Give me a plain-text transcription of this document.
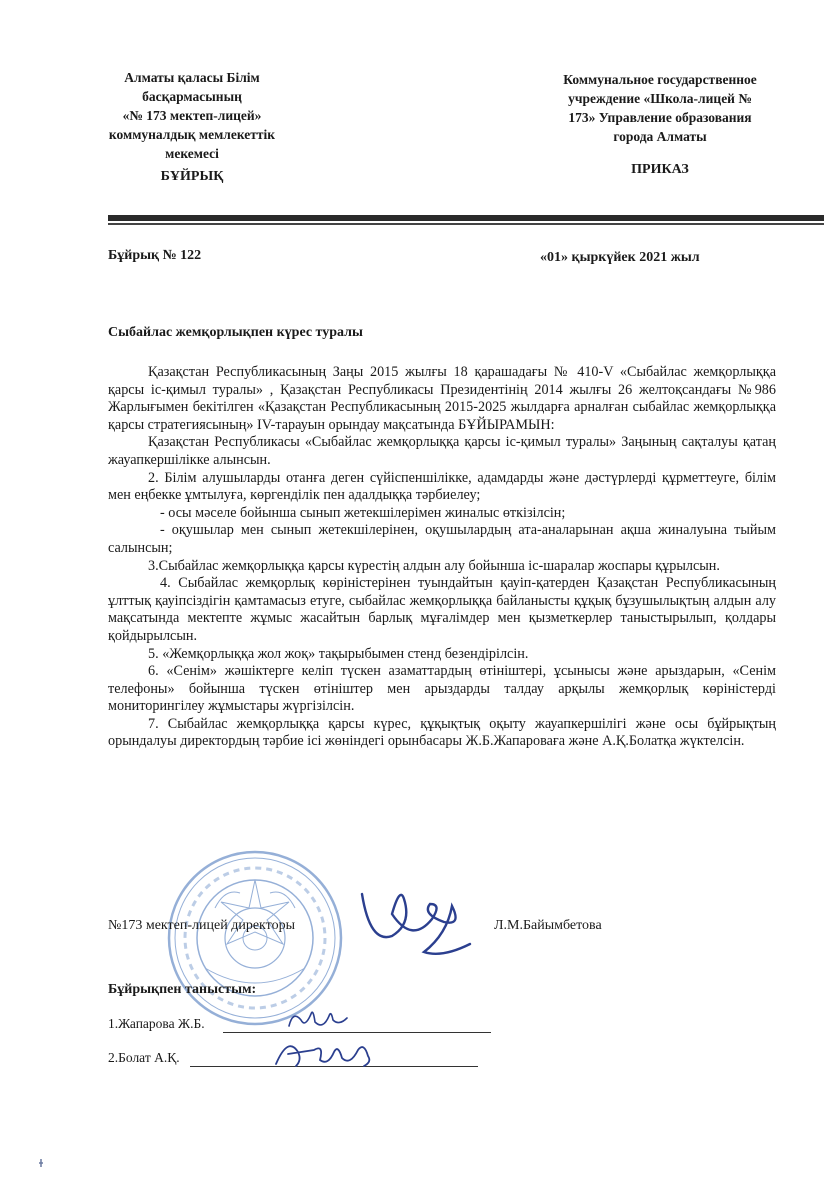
Алматы қаласы Білім
басқармасының
«№ 173 мектеп-лицей»
коммуналдық мемлекеттік
мекемесі
БҰЙРЫҚ
Коммунальное государственное
учреждение «Школа-лицей №
173» Управление образования
города Алматы
ПРИКАЗ
Бұйрық № 122	«01» қыркүйек 2021 жыл
Сыбайлас жемқорлықпен күрес туралы

Қазақстан Республикасының Заңы 2015 жылғы 18 қарашадағы № 410-V «Сыбайлас жемқорлыққа қарсы іс-қимыл туралы» , Қазақстан Республикасы Президентінің 2014 жылғы 26 желтоқсандағы №986 Жарлығымен бекітілген «Қазақстан Республикасының 2015-2025 жылдарға арналған сыбайлас жемқорлыққа қарсы стратегиясының» IV-тарауын орындау мақсатында БҰЙЫРАМЫН:

Қазақстан Республикасы «Сыбайлас жемқорлыққа қарсы іс-қимыл туралы» Заңының сақталуы қатаң жауапкершілікке алынсын.

2. Білім алушыларды отанға деген сүйіспеншілікке, адамдарды және дәстүрлерді құрметтеуге, білім мен еңбекке ұмтылуға, көргенділік пен адалдыққа тәрбиелеу;

- осы мәселе бойынша сынып жетекшілерімен жиналыс өткізілсін;

- оқушылар мен сынып жетекшілерінен, оқушылардың ата-аналарынан ақша жиналуына тыйым салынсын;

3.Сыбайлас жемқорлыққа қарсы күрестің алдын алу бойынша іс-шаралар жоспары құрылсын.

4. Сыбайлас жемқорлық көріністерінен туындайтын қауіп-қатерден Қазақстан Республикасының ұлттық қауіпсіздігін қамтамасыз етуге, сыбайлас жемқорлыққа байланысты құқық бұзушылықтың алдын алу мақсатында мектепте жұмыс жасайтын барлық мұғалімдер мен қызметкерлер таныстырылып, қолдары қойдырылсын.

5. «Жемқорлыққа жол жоқ» тақырыбымен стенд безендірілсін.

6. «Сенім» жәшіктерге келіп түскен азаматтардың өтініштері, ұсынысы және арыздарын, «Сенім телефоны» бойынша түскен өтініштер мен арыздарды талдау арқылы жемқорлық көріністерді мониторингілеу жұмыстары жүргізілсін.

7. Сыбайлас жемқорлыққа қарсы күрес, құқықтық оқыту жауапкершілігі және осы бұйрықтың орындалуы директордың тәрбие ісі жөніндегі орынбасары Ж.Б.Жапароваға және А.Қ.Болатқа жүктелсін.

№173 мектеп-лицей директоры	Л.М.Байымбетова
Бұйрықпен таныстым:
1.Жапарова Ж.Б.
2.Болат А.Қ.
